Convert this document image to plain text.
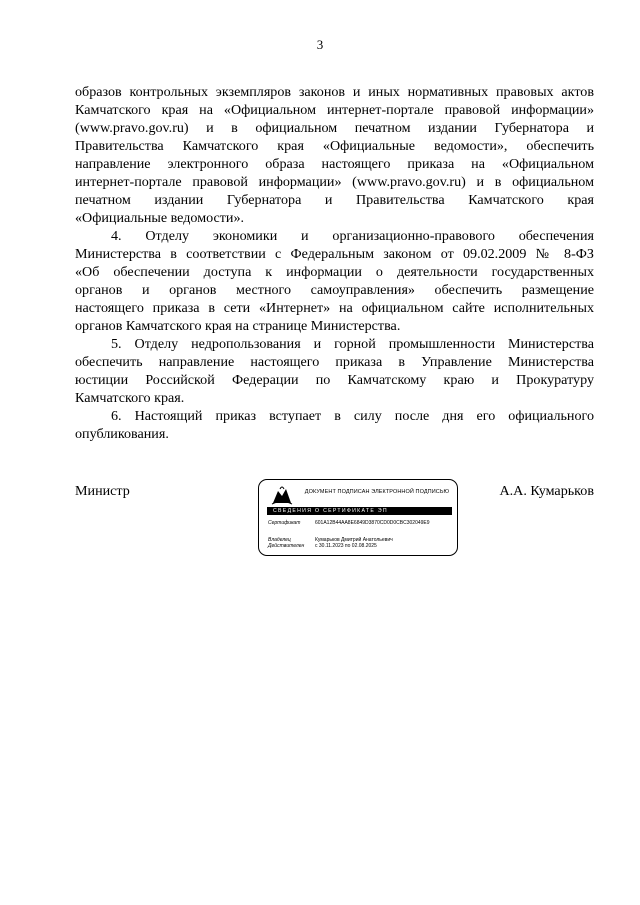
3
образов контрольных экземпляров законов и иных нормативных правовых актов
Камчатского края на «Официальном интернет-портале правовой информации»
(www.pravo.gov.ru) и в официальном печатном издании Губернатора и
Правительства Камчатского края «Официальные ведомости», обеспечить
направление электронного образа настоящего приказа на «Официальном
интернет-портале правовой информации» (www.pravo.gov.ru) и в официальном
печатном издании Губернатора и Правительства Камчатского края
«Официальные ведомости».
4. Отделу экономики и организационно-правового обеспечения
Министерства в соответствии с Федеральным законом от 09.02.2009 № 8-ФЗ
«Об обеспечении доступа к информации о деятельности государственных
органов и органов местного самоуправления» обеспечить размещение
настоящего приказа в сети «Интернет» на официальном сайте исполнительных
органов Камчатского края на странице Министерства.
5. Отделу недропользования и горной промышленности Министерства
обеспечить направление настоящего приказа в Управление Министерства
юстиции Российской Федерации по Камчатскому краю и Прокуратуру
Камчатского края.
6. Настоящий приказ вступает в силу после дня его официального
опубликования.
Министр	А.А. Кумарьков
ДОКУМЕНТ ПОДПИСАН ЭЛЕКТРОННОЙ ПОДПИСЬЮ
СВЕДЕНИЯ О СЕРТИФИКАТЕ ЭП
Сертификат	601A12B44AA8E6849D3870CD0D0CBC302049E9
Владелец	Кумарьков Дмитрий Анатольевич
Действителен с 30.11.2023 по 02.08.2025
